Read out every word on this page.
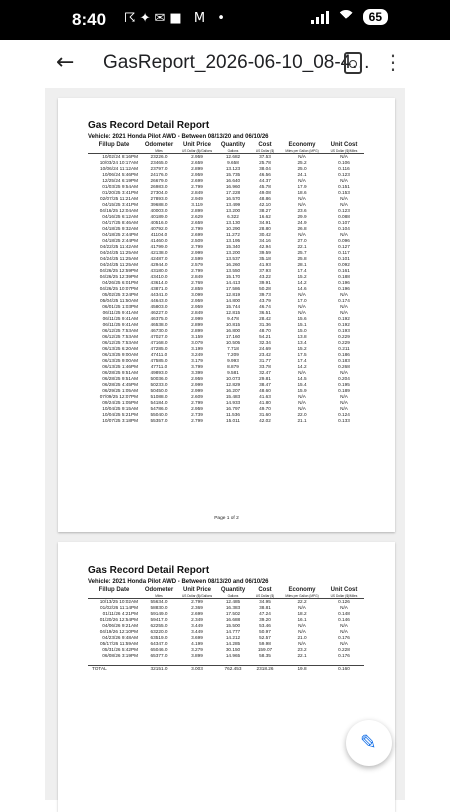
8:40 ☈✦✉■ M •	65
← GasReport_2026-06-10_08-4… ⋮
Gas Record Detail Report
Vehicle: 2021 Honda Pilot AWD - Between 08/13/20 and 06/10/26
Fillup Date	Odometer	Unit Price	Quantity	Cost	Economy	Unit Cost
	Miles	US Dollar ($)/Gallons	Gallons	US Dollar ($)	Miles per Gallon (MPG)	US Dollar ($)/Miles
10/02/24 8:16PM	23226.0	2.959	12.682	37.53	N/A	N/A
10/03/24 10:17AM	23465.0	2.659	9.658	25.78	25.2	0.106
10/06/24 11:12AM	23797.0	2.899	13.123	38.04	25.0	0.116
10/06/24 5:46PM	24176.0	2.959	15.735	46.56	24.1	0.123
12/25/24 6:19PM	26679.0	2.699	16.640	44.37	N/A	N/A
01/03/25 9:54AM	26983.0	2.799	16.960	45.78	17.9	0.151
01/20/25 3:41PM	27304.0	2.849	17.228	49.08	18.6	0.153
02/07/25 11:21AM	27893.0	2.949	16.570	48.86	N/A	N/A
04/15/25 3:41PM	39688.0	3.119	13.499	42.10	N/A	N/A
04/16/25 12:04AM	40003.0	2.899	13.200	38.27	23.6	0.123
04/16/25 6:12AM	40189.0	2.629	6.322	16.62	29.9	0.088
04/17/25 8:46AM	40516.0	2.659	13.130	34.91	24.9	0.107
04/18/25 9:32AM	40792.0	2.799	10.290	28.80	26.8	0.104
04/18/25 2:44PM	41104.0	2.699	11.272	30.42	N/A	N/A
04/18/25 2:44PM	41460.0	2.509	13.195	34.16	27.0	0.096
04/22/25 11:42AM	41799.0	2.799	15.340	42.94	22.1	0.127
04/24/25 11:25AM	42138.0	2.999	13.200	39.59	25.7	0.117
04/24/25 11:25AM	42487.0	2.599	13.537	35.18	25.8	0.101
04/24/25 11:25AM	42944.0	2.579	16.260	41.93	28.1	0.092
04/26/25 12:59PM	43180.0	2.799	13.550	37.93	17.4	0.161
04/26/25 12:39PM	43410.0	2.849	15.170	43.22	15.2	0.188
04/26/25 6:01PM	43614.0	2.769	14.413	39.91	14.2	0.196
04/26/25 10:07PM	43871.0	2.859	17.586	50.28	14.6	0.196
05/02/25 3:24PM	44341.0	3.099	12.819	39.73	N/A	N/A
05/04/25 11:50AM	44643.0	2.959	14.800	43.79	17.0	0.174
06/01/25 1:03PM	45803.0	2.959	15.744	46.74	N/A	N/A
06/11/25 9:41AM	46227.0	2.849	12.815	36.51	N/A	N/A
06/11/25 9:41AM	46375.0	2.999	9.478	28.42	15.6	0.192
06/11/25 9:41AM	46538.0	2.899	10.815	31.36	15.1	0.192
06/12/25 7:53AM	46730.0	2.899	16.800	48.70	15.0	0.193
06/12/25 7:53AM	47027.0	3.159	17.160	54.21	13.8	0.229
06/12/25 7:53AM	47168.0	3.079	10.505	32.34	13.4	0.229
06/13/25 6:20AM	47285.0	3.199	7.718	24.69	15.2	0.211
06/13/25 9:00AM	47411.0	3.249	7.209	23.42	17.5	0.186
06/13/25 9:00AM	47585.0	3.179	9.993	31.77	17.4	0.183
06/13/25 1:46PM	47711.0	3.799	8.879	33.78	14.2	0.268
06/28/25 9:51AM	49893.0	3.399	9.581	32.47	N/A	N/A
06/28/25 9:51AM	50036.0	2.959	10.073	29.81	14.5	0.204
06/28/25 4:45PM	50233.0	2.999	12.829	38.47	15.4	0.195
06/29/25 1:05AM	50450.0	2.999	16.207	48.60	15.9	0.189
07/09/25 12:07PM	51088.0	2.609	15.483	41.63	N/A	N/A
09/24/25 1:05PM	54184.0	2.799	14.933	41.80	N/A	N/A
10/04/25 9:15AM	54786.0	2.959	16.797	49.70	N/A	N/A
10/04/25 5:21PM	55040.0	2.739	11.536	31.60	22.0	0.124
10/07/25 3:18PM	55357.0	2.799	15.011	42.02	21.1	0.133
Page 1 of 2
Gas Record Detail Report
Vehicle: 2021 Honda Pilot AWD - Between 08/13/20 and 06/10/26
Fillup Date	Odometer	Unit Price	Quantity	Cost	Economy	Unit Cost
	Miles	US Dollar ($)/Gallons	Gallons	US Dollar ($)	Miles per Gallon (MPG)	US Dollar ($)/Miles
10/13/25 10:02AM	55634.0	2.799	12.485	34.95	22.2	0.126
01/02/26 11:14PM	58830.0	2.369	16.383	38.81	N/A	N/A
01/11/26 4:21PM	59149.0	2.699	17.502	47.24	18.2	0.148
01/20/26 12:54PM	59417.0	2.349	16.688	39.20	16.1	0.146
04/06/26 9:21AM	62255.0	3.449	15.500	53.46	N/A	N/A
04/19/26 12:10PM	63220.0	3.449	14.777	50.97	N/A	N/A
04/23/26 9:48AM	63519.0	3.699	14.212	52.57	21.0	0.176
05/17/26 11:59AM	64347.0	4.199	14.285	59.98	N/A	N/A
05/31/26 5:42PM	65046.0	3.279	30.150	159.07	23.2	0.228
06/08/26 3:19PM	65377.0	3.899	14.965	58.35	22.1	0.176

TOTAL	32151.0	3.003	762.453	2318.26	19.8	0.160
✎
